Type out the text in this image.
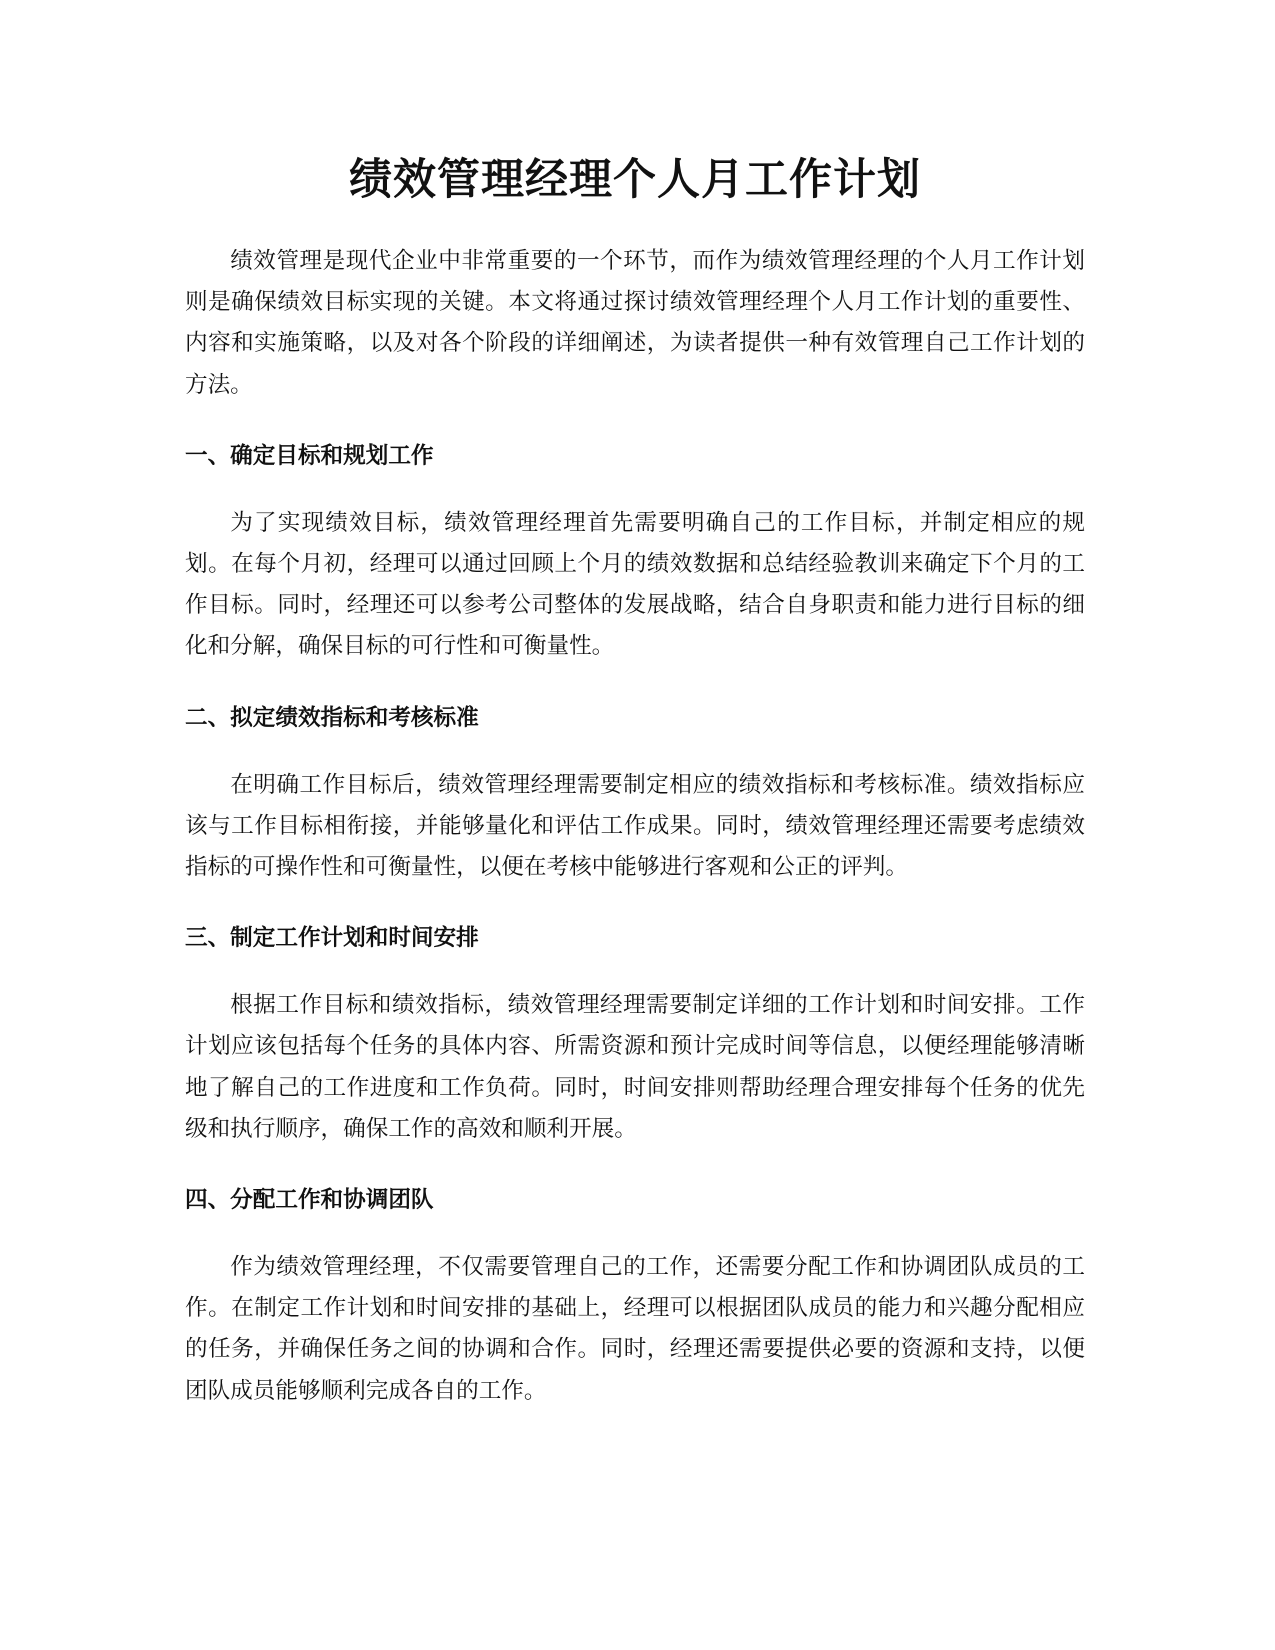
绩效管理经理个人月工作计划

绩效管理是现代企业中非常重要的一个环节，而作为绩效管理经理的个人月工作计划则是确保绩效目标实现的关键。本文将通过探讨绩效管理经理个人月工作计划的重要性、内容和实施策略，以及对各个阶段的详细阐述，为读者提供一种有效管理自己工作计划的方法。

一、确定目标和规划工作

为了实现绩效目标，绩效管理经理首先需要明确自己的工作目标，并制定相应的规划。在每个月初，经理可以通过回顾上个月的绩效数据和总结经验教训来确定下个月的工作目标。同时，经理还可以参考公司整体的发展战略，结合自身职责和能力进行目标的细化和分解，确保目标的可行性和可衡量性。

二、拟定绩效指标和考核标准

在明确工作目标后，绩效管理经理需要制定相应的绩效指标和考核标准。绩效指标应该与工作目标相衔接，并能够量化和评估工作成果。同时，绩效管理经理还需要考虑绩效指标的可操作性和可衡量性，以便在考核中能够进行客观和公正的评判。

三、制定工作计划和时间安排

根据工作目标和绩效指标，绩效管理经理需要制定详细的工作计划和时间安排。工作计划应该包括每个任务的具体内容、所需资源和预计完成时间等信息，以便经理能够清晰地了解自己的工作进度和工作负荷。同时，时间安排则帮助经理合理安排每个任务的优先级和执行顺序，确保工作的高效和顺利开展。

四、分配工作和协调团队

作为绩效管理经理，不仅需要管理自己的工作，还需要分配工作和协调团队成员的工作。在制定工作计划和时间安排的基础上，经理可以根据团队成员的能力和兴趣分配相应的任务，并确保任务之间的协调和合作。同时，经理还需要提供必要的资源和支持，以便团队成员能够顺利完成各自的工作。
